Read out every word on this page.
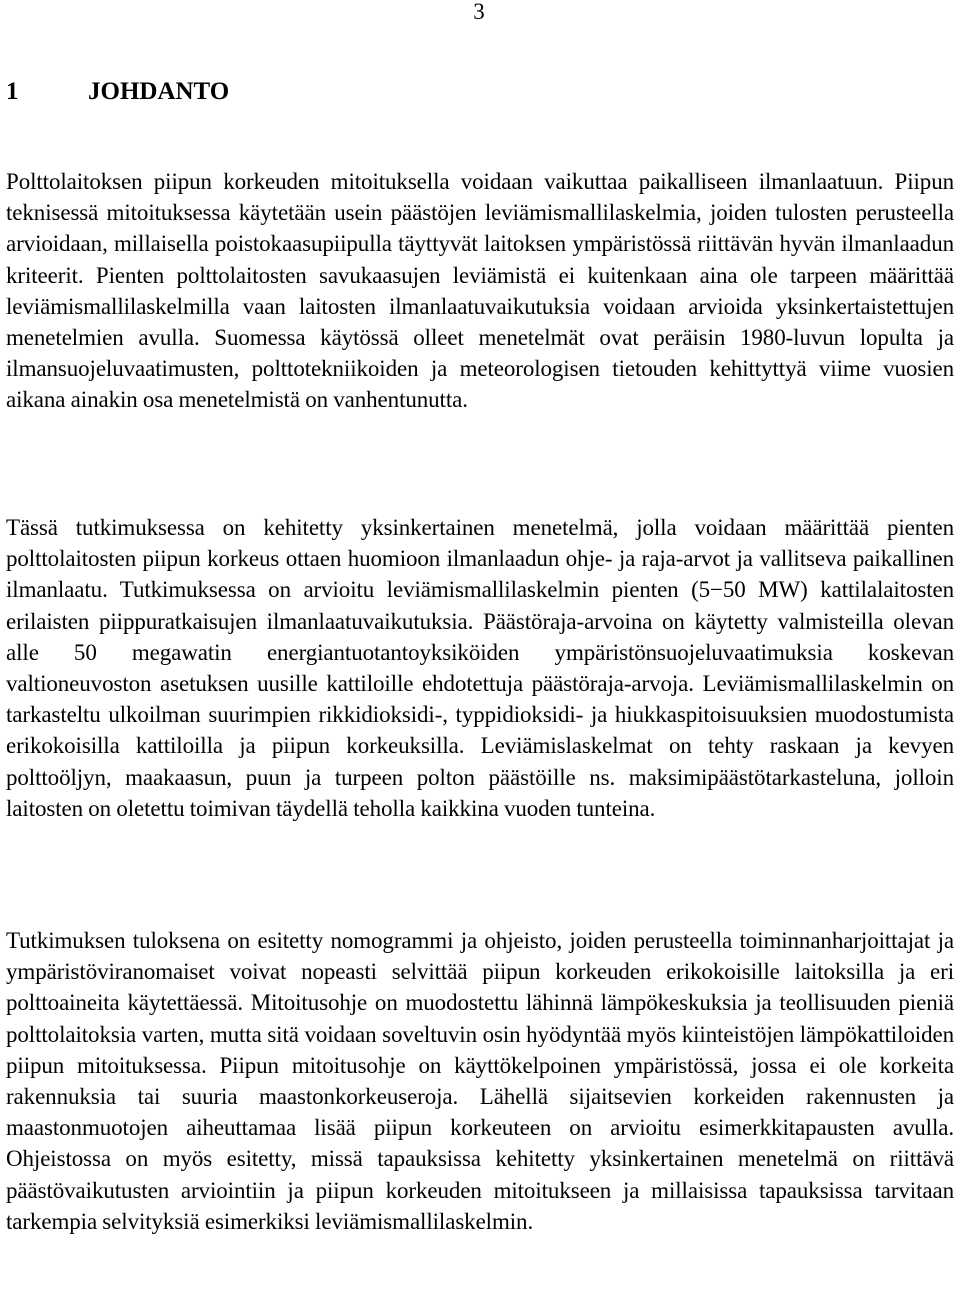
3
1	JOHDANTO

Polttolaitoksen piipun korkeuden mitoituksella voidaan vaikuttaa paikalliseen ilmanlaatuun. Piipun teknisessä mitoituksessa käytetään usein päästöjen leviämismallilaskelmia, joiden tulosten perusteella arvioidaan, millaisella poistokaasupiipulla täyttyvät laitoksen ympäristössä riittävän hyvän ilmanlaadun kriteerit. Pienten polttolaitosten savukaasujen leviämistä ei kuitenkaan aina ole tarpeen määrittää leviämismallilaskelmilla vaan laitosten ilmanlaatuvaikutuksia voidaan arvioida yksinkertaistettujen menetelmien avulla. Suomessa käytössä olleet menetelmät ovat peräisin 1980-luvun lopulta ja ilmansuojeluvaatimusten, polttotekniikoiden ja meteorologisen tietouden kehittyttyä viime vuosien aikana ainakin osa menetelmistä on vanhentunutta.

Tässä tutkimuksessa on kehitetty yksinkertainen menetelmä, jolla voidaan määrittää pienten polttolaitosten piipun korkeus ottaen huomioon ilmanlaadun ohje- ja raja-arvot ja vallitseva paikallinen ilmanlaatu. Tutkimuksessa on arvioitu leviämismallilaskelmin pienten (5−50 MW) kattilalaitosten erilaisten piippuratkaisujen ilmanlaatuvaikutuksia. Päästöraja-arvoina on käytetty valmisteilla olevan alle 50 megawatin energiantuotantoyksiköiden ympäristönsuojeluvaatimuksia koskevan valtioneuvoston asetuksen uusille kattiloille ehdotettuja päästöraja-arvoja. Leviämismallilaskelmin on tarkasteltu ulkoilman suurimpien rikkidioksidi-, typpidioksidi- ja hiukkaspitoisuuksien muodostumista erikokoisilla kattiloilla ja piipun korkeuksilla. Leviämislaskelmat on tehty raskaan ja kevyen polttoöljyn, maakaasun, puun ja turpeen polton päästöille ns. maksimipäästötarkasteluna, jolloin laitosten on oletettu toimivan täydellä teholla kaikkina vuoden tunteina.

Tutkimuksen tuloksena on esitetty nomogrammi ja ohjeisto, joiden perusteella toiminnanharjoittajat ja ympäristöviranomaiset voivat nopeasti selvittää piipun korkeuden erikokoisille laitoksilla ja eri polttoaineita käytettäessä. Mitoitusohje on muodostettu lähinnä lämpökeskuksia ja teollisuuden pieniä polttolaitoksia varten, mutta sitä voidaan soveltuvin osin hyödyntää myös kiinteistöjen lämpökattiloiden piipun mitoituksessa. Piipun mitoitusohje on käyttökelpoinen ympäristössä, jossa ei ole korkeita rakennuksia tai suuria maastonkorkeuseroja. Lähellä sijaitsevien korkeiden rakennusten ja maastonmuotojen aiheuttamaa lisää piipun korkeuteen on arvioitu esimerkkitapausten avulla. Ohjeistossa on myös esitetty, missä tapauksissa kehitetty yksinkertainen menetelmä on riittävä päästövaikutusten arviointiin ja piipun korkeuden mitoitukseen ja millaisissa tapauksissa tarvitaan tarkempia selvityksiä esimerkiksi leviämismallilaskelmin.
